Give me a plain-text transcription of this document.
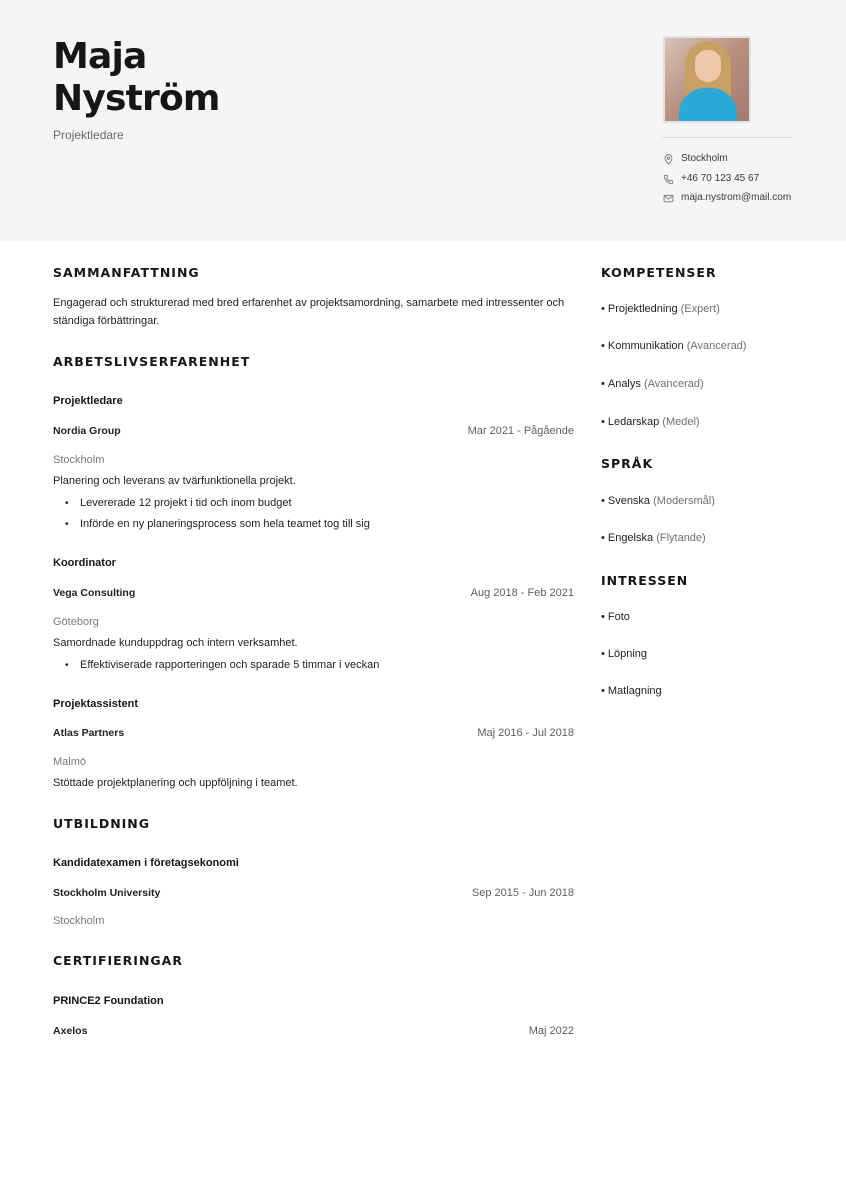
Maja
Nyström
Projektledare
Stockholm
+46 70 123 45 67
maja.nystrom@mail.com
SAMMANFATTNING
Engagerad och strukturerad med bred erfarenhet av projektsamordning, samarbete med intressenter och ständiga förbättringar.
ARBETSLIVSERFARENHET
Projektledare
Nordia Group	Mar 2021 - Pågående
Stockholm
Planering och leverans av tvärfunktionella projekt.
• Levererade 12 projekt i tid och inom budget
• Införde en ny planeringsprocess som hela teamet tog till sig
Koordinator
Vega Consulting	Aug 2018 - Feb 2021
Göteborg
Samordnade kunduppdrag och intern verksamhet.
• Effektiviserade rapporteringen och sparade 5 timmar i veckan
Projektassistent
Atlas Partners	Maj 2016 - Jul 2018
Malmö
Stöttade projektplanering och uppföljning i teamet.
UTBILDNING
Kandidatexamen i företagsekonomi
Stockholm University	Sep 2015 - Jun 2018
Stockholm
CERTIFIERINGAR
PRINCE2 Foundation
Axelos	Maj 2022
KOMPETENSER
• Projektledning (Expert)
• Kommunikation (Avancerad)
• Analys (Avancerad)
• Ledarskap (Medel)
SPRÅK
• Svenska (Modersmål)
• Engelska (Flytande)
INTRESSEN
• Foto
• Löpning
• Matlagning
